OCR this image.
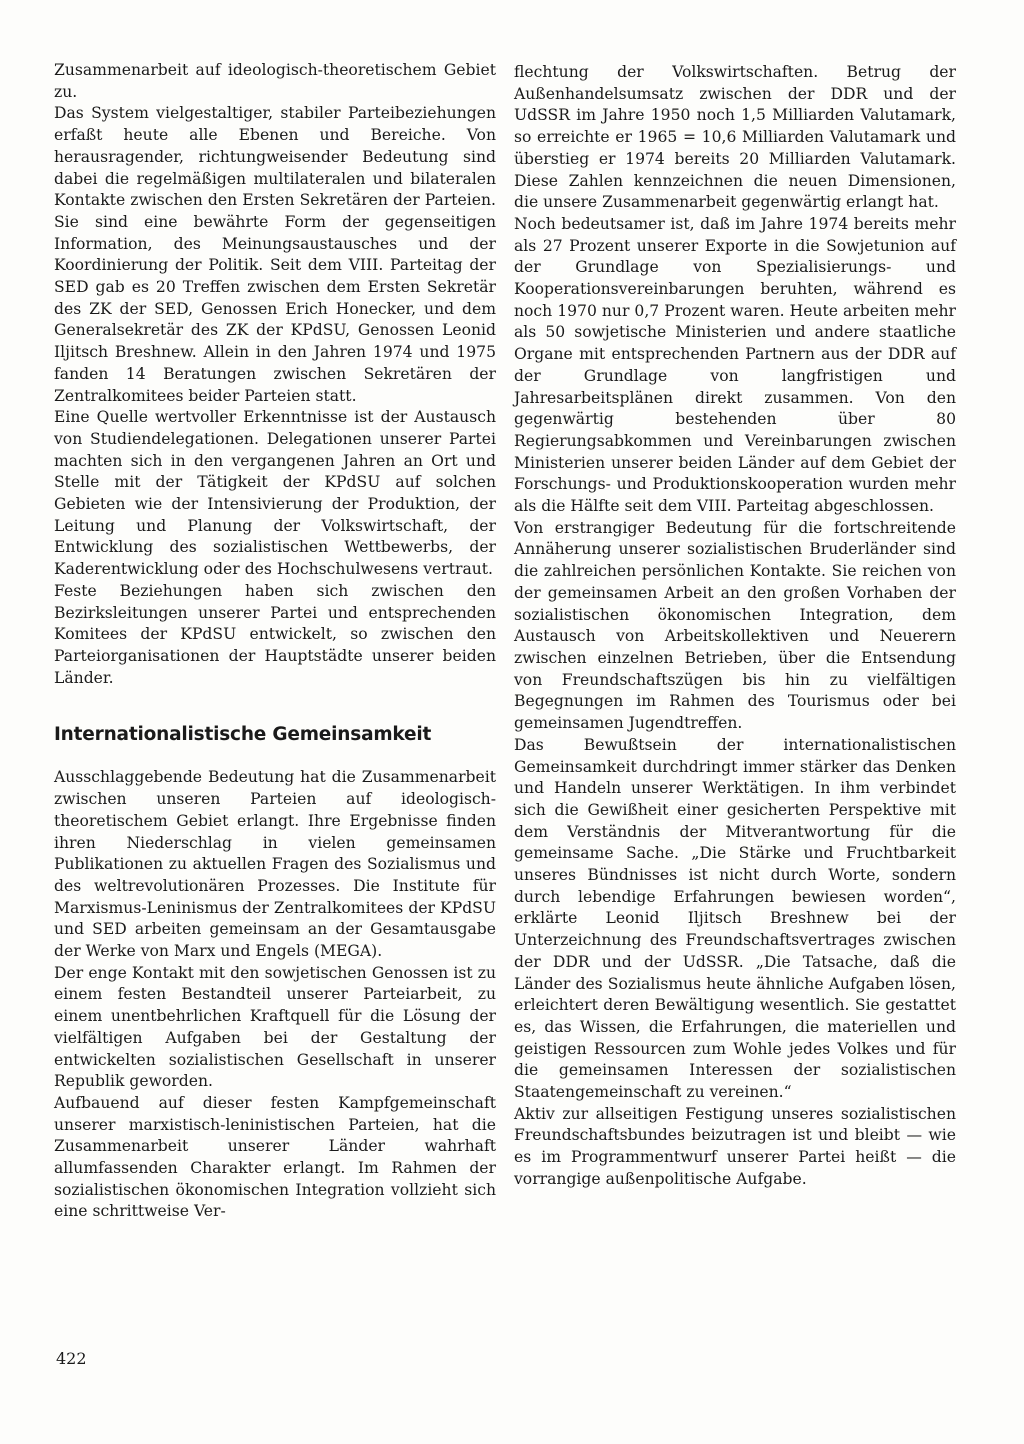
Zusammenarbeit auf ideologisch-theoretischem Gebiet zu.

Das System vielgestaltiger, stabiler Parteibeziehungen erfaßt heute alle Ebenen und Bereiche. Von herausragender, richtungweisender Bedeutung sind dabei die regelmäßigen multilateralen und bilateralen Kontakte zwischen den Ersten Sekretären der Parteien. Sie sind eine bewährte Form der gegenseitigen Information, des Meinungsaustausches und der Koordinierung der Politik. Seit dem VIII. Parteitag der SED gab es 20 Treffen zwischen dem Ersten Sekretär des ZK der SED, Genossen Erich Honecker, und dem Generalsekretär des ZK der KPdSU, Genossen Leonid Iljitsch Breshnew. Allein in den Jahren 1974 und 1975 fanden 14 Beratungen zwischen Sekretären der Zentralkomitees beider Parteien statt.

Eine Quelle wertvoller Erkenntnisse ist der Austausch von Studiendelegationen. Delegationen unserer Partei machten sich in den vergangenen Jahren an Ort und Stelle mit der Tätigkeit der KPdSU auf solchen Gebieten wie der Intensivierung der Produktion, der Leitung und Planung der Volkswirtschaft, der Entwicklung des sozialistischen Wettbewerbs, der Kaderentwicklung oder des Hochschulwesens vertraut.

Feste Beziehungen haben sich zwischen den Bezirksleitungen unserer Partei und entsprechenden Komitees der KPdSU entwickelt, so zwischen den Parteiorganisationen der Hauptstädte unserer beiden Länder.

Internationalistische Gemeinsamkeit

Ausschlaggebende Bedeutung hat die Zusammenarbeit zwischen unseren Parteien auf ideologisch-theoretischem Gebiet erlangt. Ihre Ergebnisse finden ihren Niederschlag in vielen gemeinsamen Publikationen zu aktuellen Fragen des Sozialismus und des weltrevolutionären Prozesses. Die Institute für Marxismus-Leninismus der Zentralkomitees der KPdSU und SED arbeiten gemeinsam an der Gesamtausgabe der Werke von Marx und Engels (MEGA).

Der enge Kontakt mit den sowjetischen Genossen ist zu einem festen Bestandteil unserer Parteiarbeit, zu einem unentbehrlichen Kraftquell für die Lösung der vielfältigen Aufgaben bei der Gestaltung der entwickelten sozialistischen Gesellschaft in unserer Republik geworden.

Aufbauend auf dieser festen Kampfgemeinschaft unserer marxistisch-leninistischen Parteien, hat die Zusammenarbeit unserer Länder wahrhaft allumfassenden Charakter erlangt. Im Rahmen der sozialistischen ökonomischen Integration vollzieht sich eine schrittweise Ver-

flechtung der Volkswirtschaften. Betrug der Außenhandelsumsatz zwischen der DDR und der UdSSR im Jahre 1950 noch 1,5 Milliarden Valutamark, so erreichte er 1965 = 10,6 Milliarden Valutamark und überstieg er 1974 bereits 20 Milliarden Valutamark. Diese Zahlen kennzeichnen die neuen Dimensionen, die unsere Zusammenarbeit gegenwärtig erlangt hat.

Noch bedeutsamer ist, daß im Jahre 1974 bereits mehr als 27 Prozent unserer Exporte in die Sowjetunion auf der Grundlage von Spezialisierungs- und Kooperationsvereinbarungen beruhten, während es noch 1970 nur 0,7 Prozent waren. Heute arbeiten mehr als 50 sowjetische Ministerien und andere staatliche Organe mit entsprechenden Partnern aus der DDR auf der Grundlage von langfristigen und Jahresarbeitsplänen direkt zusammen. Von den gegenwärtig bestehenden über 80 Regierungsabkommen und Vereinbarungen zwischen Ministerien unserer beiden Länder auf dem Gebiet der Forschungs- und Produktionskooperation wurden mehr als die Hälfte seit dem VIII. Parteitag abgeschlossen.

Von erstrangiger Bedeutung für die fortschreitende Annäherung unserer sozialistischen Bruderländer sind die zahlreichen persönlichen Kontakte. Sie reichen von der gemeinsamen Arbeit an den großen Vorhaben der sozialistischen ökonomischen Integration, dem Austausch von Arbeitskollektiven und Neuerern zwischen einzelnen Betrieben, über die Entsendung von Freundschaftszügen bis hin zu vielfältigen Begegnungen im Rahmen des Tourismus oder bei gemeinsamen Jugendtreffen.

Das Bewußtsein der internationalistischen Gemeinsamkeit durchdringt immer stärker das Denken und Handeln unserer Werktätigen. In ihm verbindet sich die Gewißheit einer gesicherten Perspektive mit dem Verständnis der Mitverantwortung für die gemeinsame Sache. „Die Stärke und Fruchtbarkeit unseres Bündnisses ist nicht durch Worte, sondern durch lebendige Erfahrungen bewiesen worden“, erklärte Leonid Iljitsch Breshnew bei der Unterzeichnung des Freundschaftsvertrages zwischen der DDR und der UdSSR. „Die Tatsache, daß die Länder des Sozialismus heute ähnliche Aufgaben lösen, erleichtert deren Bewältigung wesentlich. Sie gestattet es, das Wissen, die Erfahrungen, die materiellen und geistigen Ressourcen zum Wohle jedes Volkes und für die gemeinsamen Interessen der sozialistischen Staatengemeinschaft zu vereinen.“

Aktiv zur allseitigen Festigung unseres sozialistischen Freundschaftsbundes beizutragen ist und bleibt — wie es im Programmentwurf unserer Partei heißt — die vorrangige außenpolitische Aufgabe.

422
